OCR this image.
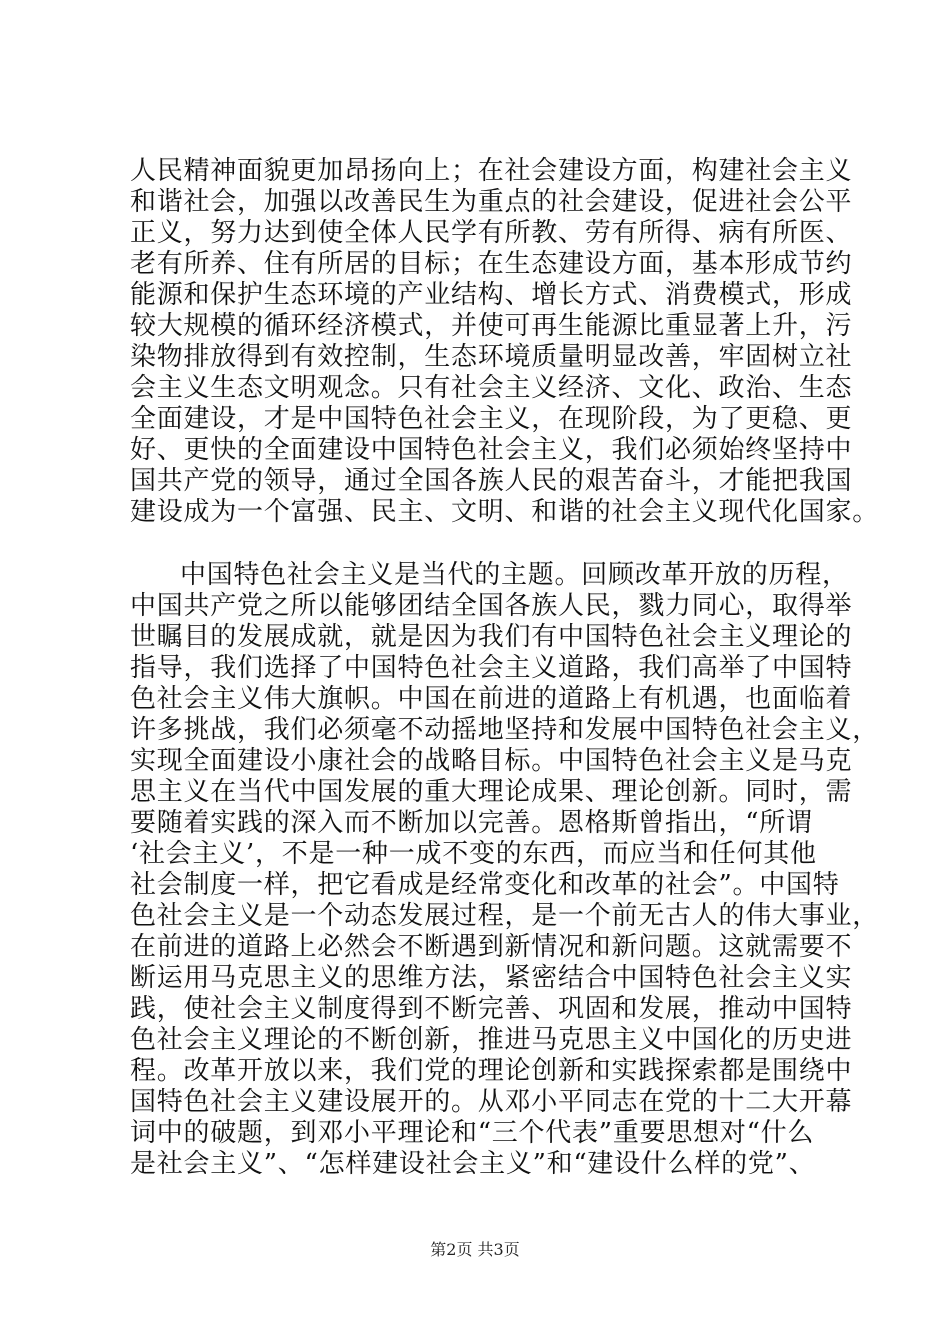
人民精神面貌更加昂扬向上；在社会建设方面，构建社会主义
和谐社会，加强以改善民生为重点的社会建设，促进社会公平
正义，努力达到使全体人民学有所教、劳有所得、病有所医、
老有所养、住有所居的目标；在生态建设方面，基本形成节约
能源和保护生态环境的产业结构、增长方式、消费模式，形成
较大规模的循环经济模式，并使可再生能源比重显著上升，污
染物排放得到有效控制，生态环境质量明显改善，牢固树立社
会主义生态文明观念。只有社会主义经济、文化、政治、生态
全面建设，才是中国特色社会主义，在现阶段，为了更稳、更
好、更快的全面建设中国特色社会主义，我们必须始终坚持中
国共产党的领导，通过全国各族人民的艰苦奋斗，才能把我国
建设成为一个富强、民主、文明、和谐的社会主义现代化国家。
中国特色社会主义是当代的主题。回顾改革开放的历程，
中国共产党之所以能够团结全国各族人民，戮力同心，取得举
世瞩目的发展成就，就是因为我们有中国特色社会主义理论的
指导，我们选择了中国特色社会主义道路，我们高举了中国特
色社会主义伟大旗帜。中国在前进的道路上有机遇，也面临着
许多挑战，我们必须毫不动摇地坚持和发展中国特色社会主义，
实现全面建设小康社会的战略目标。中国特色社会主义是马克
思主义在当代中国发展的重大理论成果、理论创新。同时，需
要随着实践的深入而不断加以完善。恩格斯曾指出，“所谓
‘社会主义’，不是一种一成不变的东西，而应当和任何其他
社会制度一样，把它看成是经常变化和改革的社会”。中国特
色社会主义是一个动态发展过程，是一个前无古人的伟大事业，
在前进的道路上必然会不断遇到新情况和新问题。这就需要不
断运用马克思主义的思维方法，紧密结合中国特色社会主义实
践，使社会主义制度得到不断完善、巩固和发展，推动中国特
色社会主义理论的不断创新，推进马克思主义中国化的历史进
程。改革开放以来，我们党的理论创新和实践探索都是围绕中
国特色社会主义建设展开的。从邓小平同志在党的十二大开幕
词中的破题，到邓小平理论和“三个代表”重要思想对“什么
是社会主义”、“怎样建设社会主义”和“建设什么样的党”、
第2页 共3页
